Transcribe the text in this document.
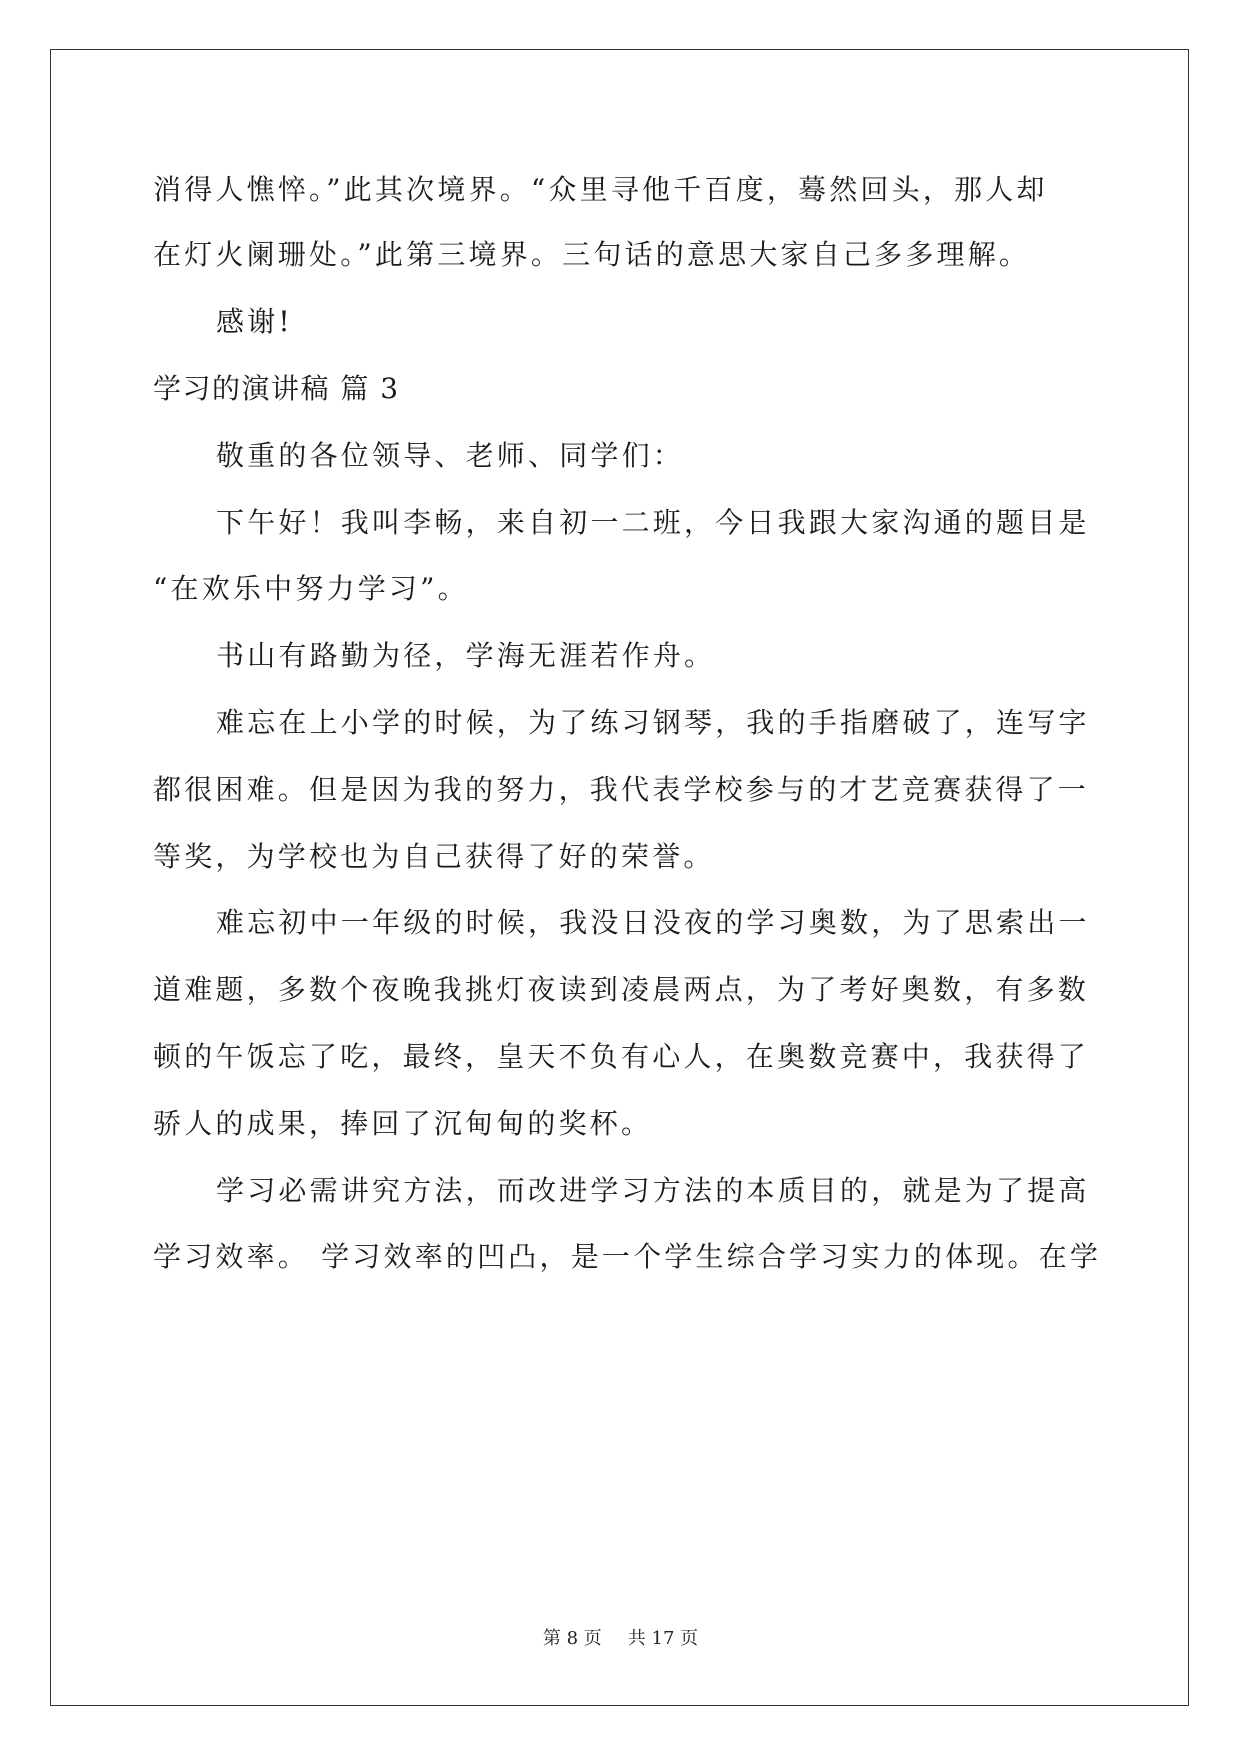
消得人憔悴。”此其次境界。“众里寻他千百度，蓦然回头，那人却
在灯火阑珊处。”此第三境界。三句话的意思大家自己多多理解。
感谢!
学习的演讲稿 篇 3
敬重的各位领导、老师、同学们：
下午好！我叫李畅，来自初一二班，今日我跟大家沟通的题目是
“在欢乐中努力学习”。
书山有路勤为径，学海无涯若作舟。
难忘在上小学的时候，为了练习钢琴，我的手指磨破了，连写字
都很困难。但是因为我的努力，我代表学校参与的才艺竞赛获得了一
等奖，为学校也为自己获得了好的荣誉。
难忘初中一年级的时候，我没日没夜的学习奥数，为了思索出一
道难题，多数个夜晚我挑灯夜读到凌晨两点，为了考好奥数，有多数
顿的午饭忘了吃，最终，皇天不负有心人，在奥数竞赛中，我获得了
骄人的成果，捧回了沉甸甸的奖杯。
学习必需讲究方法，而改进学习方法的本质目的，就是为了提高
学习效率。 学习效率的凹凸，是一个学生综合学习实力的体现。在学
第 8 页 共 17 页
